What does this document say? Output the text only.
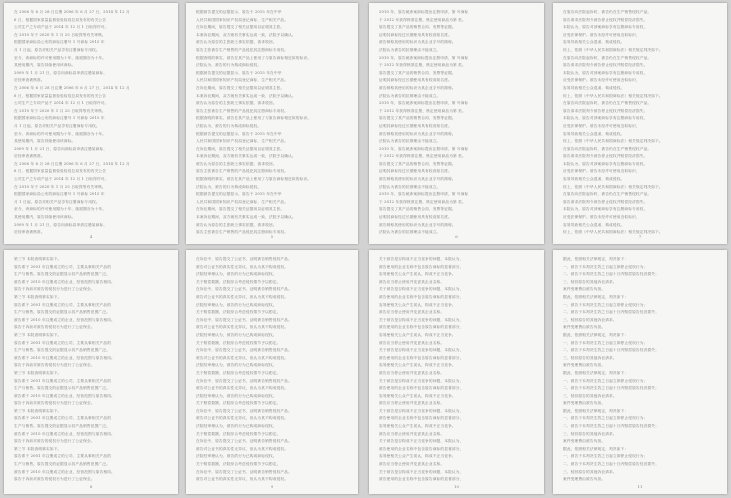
在 2006 年 6 月 28 日注册 2006 年 6 月 27 日，2014 年 12 月
6 日，根据国家质量监督检验检疫总局发布的有关公告
公司生产之专项产品于 2014 年 12 月 1 日取得许可。
在 2010 年于 2020 年 1 月 25 日取得等有关审核。
根据国家商标局公布的商标注册号 1 号商标 2015 年
月 1 日起，原告对相关产品享有注册商标专用权。
至今，该商标的许可使用期为十年，续展期亦为十年。
其使用期内，原告持续使用该商标。
2009 年 1 月 21 日，原告向商标局申请注册某商标，
后经审查被核准。
在 2006 年 6 月 28 日注册 2006 年 6 月 27 日，2014 年 12 月
6 日，根据国家质量监督检验检疫总局发布的有关公告
公司生产之专项产品于 2014 年 12 月 1 日取得许可。
在 2010 年于 2020 年 1 月 25 日取得等有关审核。
根据国家商标局公布的商标注册号 1 号商标 2015 年
月 1 日起，原告对相关产品享有注册商标专用权。
至今，该商标的许可使用期为十年，续展期亦为十年。
其使用期内，原告持续使用该商标。
2009 年 1 月 21 日，原告向商标局申请注册某商标，
后经审查被核准。
在 2006 年 6 月 28 日注册 2006 年 6 月 27 日，2014 年 12 月
6 日，根据国家质量监督检验检疫总局发布的有关公告
公司生产之专项产品于 2014 年 12 月 1 日取得许可。
在 2010 年于 2020 年 1 月 25 日取得等有关审核。
根据国家商标局公布的商标注册号 1 号商标 2015 年
月 1 日起，原告对相关产品享有注册商标专用权。
至今，该商标的许可使用期为十年，续展期亦为十年。
其使用期内，原告持续使用该商标。
2009 年 1 月 21 日，原告向商标局申请注册某商标，
后经审查被核准。
4
根据被告提交的证据显示，原告于 2015 年在中华
人民共和国国家知识产权局登记商标，生产相关产品。
在诉讼期间，原告提交了相关证据用以证明其主张。
本案诉讼期间，双方就有关事实达成一致，法院予以确认。
被告认为原告的主张缺乏事实依据，请求驳回。
原告主张被告生产销售的产品侵犯其注册商标专用权。
根据查明的事实，被告在其产品上使用了与原告商标相近似的标识。
法院认为，被告的行为构成商标侵权。
根据被告提交的证据显示，原告于 2015 年在中华
人民共和国国家知识产权局登记商标，生产相关产品。
在诉讼期间，原告提交了相关证据用以证明其主张。
本案诉讼期间，双方就有关事实达成一致，法院予以确认。
被告认为原告的主张缺乏事实依据，请求驳回。
原告主张被告生产销售的产品侵犯其注册商标专用权。
根据查明的事实，被告在其产品上使用了与原告商标相近似的标识。
法院认为，被告的行为构成商标侵权。
根据被告提交的证据显示，原告于 2015 年在中华
人民共和国国家知识产权局登记商标，生产相关产品。
在诉讼期间，原告提交了相关证据用以证明其主张。
本案诉讼期间，双方就有关事实达成一致，法院予以确认。
被告认为原告的主张缺乏事实依据，请求驳回。
原告主张被告生产销售的产品侵犯其注册商标专用权。
根据查明的事实，被告在其产品上使用了与原告商标相近似的标识。
法院认为，被告的行为构成商标侵权。
根据被告提交的证据显示，原告于 2015 年在中华
人民共和国国家知识产权局登记商标，生产相关产品。
在诉讼期间，原告提交了相关证据用以证明其主张。
本案诉讼期间，双方就有关事实达成一致，法院予以确认。
被告认为原告的主张缺乏事实依据，请求驳回。
原告主张被告生产销售的产品侵犯其注册商标专用权。
5
2010 年，原告就涉案商标提出注册申请，第 号商标
于 2012 年获得核准注册，核定使用商品为第 类。
原告提交了其产品的销售合同、发票等证据。
证明其商标经过长期使用具有较高知名度。
被告辩称其使用的标识为其企业字号的简称。
法院认为被告的抗辩理由不能成立。
2010 年，原告就涉案商标提出注册申请，第 号商标
于 2012 年获得核准注册，核定使用商品为第 类。
原告提交了其产品的销售合同、发票等证据。
证明其商标经过长期使用具有较高知名度。
被告辩称其使用的标识为其企业字号的简称。
法院认为被告的抗辩理由不能成立。
2010 年，原告就涉案商标提出注册申请，第 号商标
于 2012 年获得核准注册，核定使用商品为第 类。
原告提交了其产品的销售合同、发票等证据。
证明其商标经过长期使用具有较高知名度。
被告辩称其使用的标识为其企业字号的简称。
法院认为被告的抗辩理由不能成立。
2010 年，原告就涉案商标提出注册申请，第 号商标
于 2012 年获得核准注册，核定使用商品为第 类。
原告提交了其产品的销售合同、发票等证据。
证明其商标经过长期使用具有较高知名度。
被告辩称其使用的标识为其企业字号的简称。
法院认为被告的抗辩理由不能成立。
2010 年，原告就涉案商标提出注册申请，第 号商标
于 2012 年获得核准注册，核定使用商品为第 类。
原告提交了其产品的销售合同、发票等证据。
证明其商标经过长期使用具有较高知名度。
被告辩称其使用的标识为其企业字号的简称。
法院认为被告的抗辩理由不能成立。
6
在原告向法院起诉时，被告仍在生产销售侵权产品。
原告请求法院判令被告停止侵权并赔偿经济损失。
本院认为，原告对涉案商标享有注册商标专用权，
应受法律保护。被告未经许可使用近似标识，
容易导致相关公众混淆，构成侵权。
综上，依照《中华人民共和国商标法》相关规定判决如下。
在原告向法院起诉时，被告仍在生产销售侵权产品。
原告请求法院判令被告停止侵权并赔偿经济损失。
本院认为，原告对涉案商标享有注册商标专用权，
应受法律保护。被告未经许可使用近似标识，
容易导致相关公众混淆，构成侵权。
综上，依照《中华人民共和国商标法》相关规定判决如下。
在原告向法院起诉时，被告仍在生产销售侵权产品。
原告请求法院判令被告停止侵权并赔偿经济损失。
本院认为，原告对涉案商标享有注册商标专用权，
应受法律保护。被告未经许可使用近似标识，
容易导致相关公众混淆，构成侵权。
综上，依照《中华人民共和国商标法》相关规定判决如下。
在原告向法院起诉时，被告仍在生产销售侵权产品。
原告请求法院判令被告停止侵权并赔偿经济损失。
本院认为，原告对涉案商标享有注册商标专用权，
应受法律保护。被告未经许可使用近似标识，
容易导致相关公众混淆，构成侵权。
综上，依照《中华人民共和国商标法》相关规定判决如下。
在原告向法院起诉时，被告仍在生产销售侵权产品。
原告请求法院判令被告停止侵权并赔偿经济损失。
本院认为，原告对涉案商标享有注册商标专用权，
应受法律保护。被告未经许可使用近似标识，
容易导致相关公众混淆，构成侵权。
综上，依照《中华人民共和国商标法》相关规定判决如下。
7
第三节 本院查明事实如下。
原告系于 2001 年注册成立的公司，主要从事相关产品的
生产与销售。原告提交的证据显示其产品销售范围广泛。
被告系于 2010 年注册成立的企业，经营范围与原告相同。
原告于诉前对被告的侵权行为进行了公证保全。
第三节 本院查明事实如下。
原告系于 2001 年注册成立的公司，主要从事相关产品的
生产与销售。原告提交的证据显示其产品销售范围广泛。
被告系于 2010 年注册成立的企业，经营范围与原告相同。
原告于诉前对被告的侵权行为进行了公证保全。
第三节 本院查明事实如下。
原告系于 2001 年注册成立的公司，主要从事相关产品的
生产与销售。原告提交的证据显示其产品销售范围广泛。
被告系于 2010 年注册成立的企业，经营范围与原告相同。
原告于诉前对被告的侵权行为进行了公证保全。
第三节 本院查明事实如下。
原告系于 2001 年注册成立的公司，主要从事相关产品的
生产与销售。原告提交的证据显示其产品销售范围广泛。
被告系于 2010 年注册成立的企业，经营范围与原告相同。
原告于诉前对被告的侵权行为进行了公证保全。
第三节 本院查明事实如下。
原告系于 2001 年注册成立的公司，主要从事相关产品的
生产与销售。原告提交的证据显示其产品销售范围广泛。
被告系于 2010 年注册成立的企业，经营范围与原告相同。
原告于诉前对被告的侵权行为进行了公证保全。
第三节 本院查明事实如下。
原告系于 2001 年注册成立的公司，主要从事相关产品的
生产与销售。原告提交的证据显示其产品销售范围广泛。
被告系于 2010 年注册成立的企业，经营范围与原告相同。
原告于诉前对被告的侵权行为进行了公证保全。
8
在诉讼中，原告提交了公证书，证明被告销售侵权产品。
被告对公证书的真实性无异议，但认为其不构成侵权。
法院经审理认为，被告的行为已构成商标侵权。
关于赔偿数额，法院综合考虑侵权情节予以酌定。
在诉讼中，原告提交了公证书，证明被告销售侵权产品。
被告对公证书的真实性无异议，但认为其不构成侵权。
法院经审理认为，被告的行为已构成商标侵权。
关于赔偿数额，法院综合考虑侵权情节予以酌定。
在诉讼中，原告提交了公证书，证明被告销售侵权产品。
被告对公证书的真实性无异议，但认为其不构成侵权。
法院经审理认为，被告的行为已构成商标侵权。
关于赔偿数额，法院综合考虑侵权情节予以酌定。
在诉讼中，原告提交了公证书，证明被告销售侵权产品。
被告对公证书的真实性无异议，但认为其不构成侵权。
法院经审理认为，被告的行为已构成商标侵权。
关于赔偿数额，法院综合考虑侵权情节予以酌定。
在诉讼中，原告提交了公证书，证明被告销售侵权产品。
被告对公证书的真实性无异议，但认为其不构成侵权。
法院经审理认为，被告的行为已构成商标侵权。
关于赔偿数额，法院综合考虑侵权情节予以酌定。
在诉讼中，原告提交了公证书，证明被告销售侵权产品。
被告对公证书的真实性无异议，但认为其不构成侵权。
法院经审理认为，被告的行为已构成商标侵权。
关于赔偿数额，法院综合考虑侵权情节予以酌定。
在诉讼中，原告提交了公证书，证明被告销售侵权产品。
被告对公证书的真实性无异议，但认为其不构成侵权。
法院经审理认为，被告的行为已构成商标侵权。
关于赔偿数额，法院综合考虑侵权情节予以酌定。
在诉讼中，原告提交了公证书，证明被告销售侵权产品。
被告对公证书的真实性无异议，但认为其不构成侵权。
9
关于被告是否构成不正当竞争的问题，本院认为，
被告使用的企业名称中包含原告商标的显著部分，
容易使相关公众产生误认，构成不正当竞争。
被告应当停止使用并变更其企业名称。
关于被告是否构成不正当竞争的问题，本院认为，
被告使用的企业名称中包含原告商标的显著部分，
容易使相关公众产生误认，构成不正当竞争。
被告应当停止使用并变更其企业名称。
关于被告是否构成不正当竞争的问题，本院认为，
被告使用的企业名称中包含原告商标的显著部分，
容易使相关公众产生误认，构成不正当竞争。
被告应当停止使用并变更其企业名称。
关于被告是否构成不正当竞争的问题，本院认为，
被告使用的企业名称中包含原告商标的显著部分，
容易使相关公众产生误认，构成不正当竞争。
被告应当停止使用并变更其企业名称。
关于被告是否构成不正当竞争的问题，本院认为，
被告使用的企业名称中包含原告商标的显著部分，
容易使相关公众产生误认，构成不正当竞争。
被告应当停止使用并变更其企业名称。
关于被告是否构成不正当竞争的问题，本院认为，
被告使用的企业名称中包含原告商标的显著部分，
容易使相关公众产生误认，构成不正当竞争。
被告应当停止使用并变更其企业名称。
关于被告是否构成不正当竞争的问题，本院认为，
被告使用的企业名称中包含原告商标的显著部分，
容易使相关公众产生误认，构成不正当竞争。
被告应当停止使用并变更其企业名称。
关于被告是否构成不正当竞争的问题，本院认为，
被告使用的企业名称中包含原告商标的显著部分，
10
据此，依照相关法律规定，判决如下：
一、被告于本判决生效之日起立即停止侵权行为；
二、被告于本判决生效之日起十日内赔偿原告经济损失；
三、驳回原告的其他诉讼请求。
案件受理费由被告负担。
据此，依照相关法律规定，判决如下：
一、被告于本判决生效之日起立即停止侵权行为；
二、被告于本判决生效之日起十日内赔偿原告经济损失；
三、驳回原告的其他诉讼请求。
案件受理费由被告负担。
据此，依照相关法律规定，判决如下：
一、被告于本判决生效之日起立即停止侵权行为；
二、被告于本判决生效之日起十日内赔偿原告经济损失；
三、驳回原告的其他诉讼请求。
案件受理费由被告负担。
据此，依照相关法律规定，判决如下：
一、被告于本判决生效之日起立即停止侵权行为；
二、被告于本判决生效之日起十日内赔偿原告经济损失；
三、驳回原告的其他诉讼请求。
案件受理费由被告负担。
据此，依照相关法律规定，判决如下：
一、被告于本判决生效之日起立即停止侵权行为；
二、被告于本判决生效之日起十日内赔偿原告经济损失；
三、驳回原告的其他诉讼请求。
案件受理费由被告负担。
据此，依照相关法律规定，判决如下：
一、被告于本判决生效之日起立即停止侵权行为；
二、被告于本判决生效之日起十日内赔偿原告经济损失；
三、驳回原告的其他诉讼请求。
案件受理费由被告负担。
11
